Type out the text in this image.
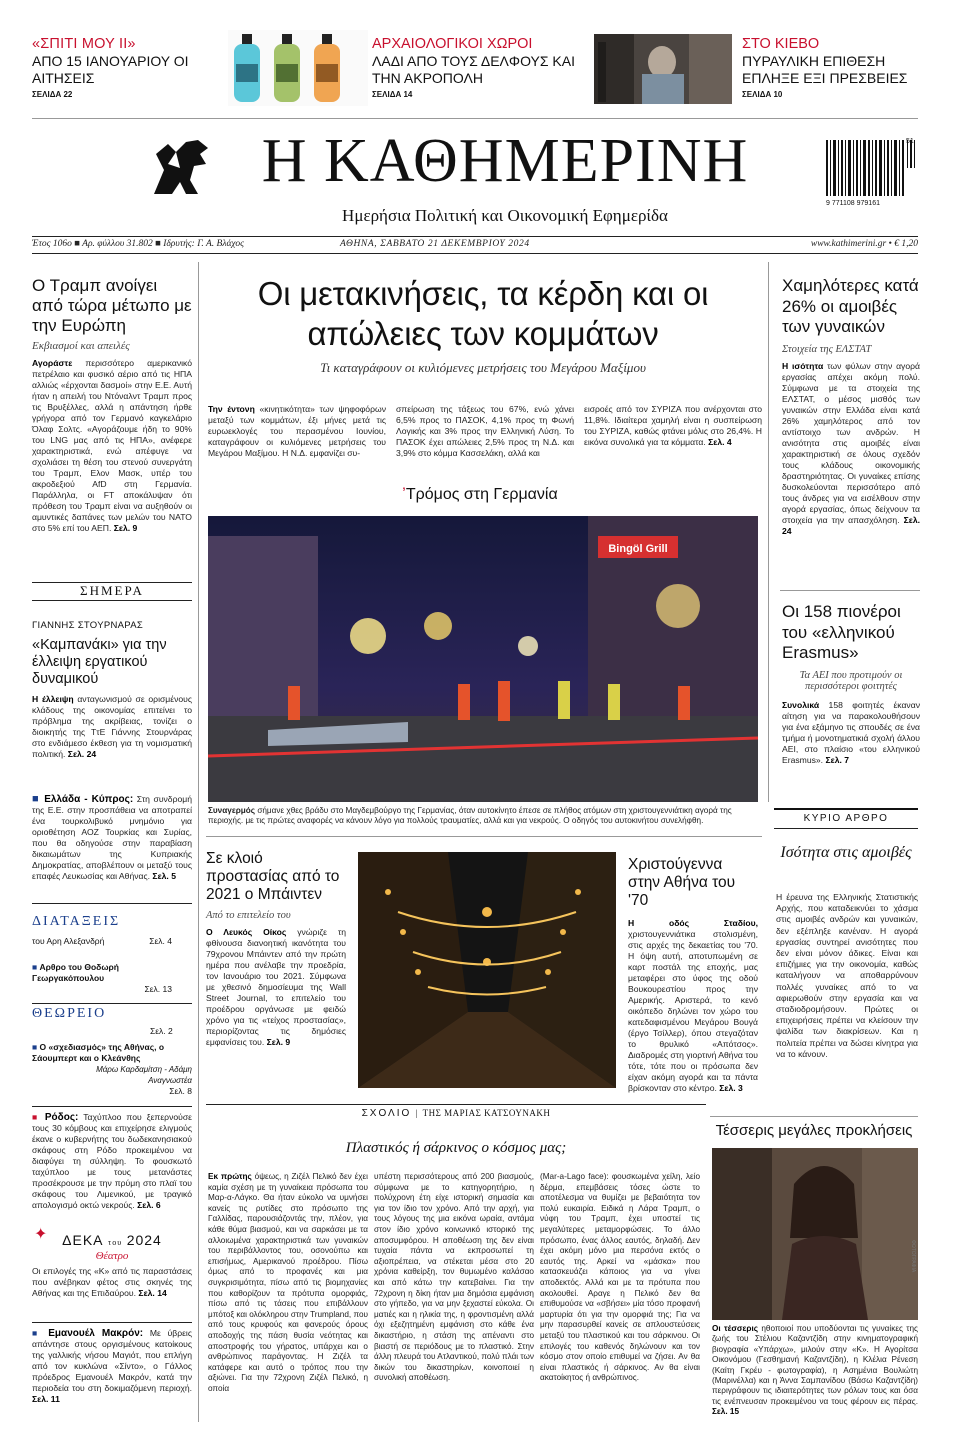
«ΣΠΙΤΙ ΜΟΥ ΙΙ»
ΑΠΟ 15 ΙΑΝΟΥΑΡΙΟΥ ΟΙ ΑΙΤΗΣΕΙΣ
ΣΕΛΙΔΑ 22
ΑΡΧΑΙΟΛΟΓΙΚΟΙ ΧΩΡΟΙ
ΛΑΔΙ ΑΠΟ ΤΟΥΣ ΔΕΛΦΟΥΣ ΚΑΙ ΤΗΝ ΑΚΡΟΠΟΛΗ
ΣΕΛΙΔΑ 14
ΣΤΟ ΚΙΕΒΟ
ΠΥΡΑΥΛΙΚΗ ΕΠΙΘΕΣΗ ΕΠΛΗΞΕ ΕΞΙ ΠΡΕΣΒΕΙΕΣ
ΣΕΛΙΔΑ 10
Η ΚΑΘΗΜΕΡΙΝΗ
Ημερήσια Πολιτική και Οικονομική Εφημερίδα
9 771108 979161
51
Έτος 106ο ■ Αρ. φύλλου 31.802 ■ Ιδρυτής: Γ. Α. Βλάχος	ΑΘΗΝΑ, ΣΑΒΒΑΤΟ 21 ΔΕΚΕΜΒΡΙΟΥ 2024	www.kathimerini.gr • € 1,20
Ο Τραμπ ανοίγει από τώρα μέτωπο με την Ευρώπη
Εκβιασμοί και απειλές
Αγοράστε περισσότερο αμερικανικό πετρέλαιο και φυσικό αέριο από τις ΗΠΑ αλλιώς «έρχονται δασμοί» στην Ε.Ε. Αυτή ήταν η απειλή του Ντόναλντ Τραμπ προς τις Βρυξέλλες, αλλά η απάντηση ήρθε γρήγορα από τον Γερμανό καγκελάριο Όλαφ Σολτς. «Αγοράζουμε ήδη το 90% του LNG μας από τις ΗΠΑ», ανέφερε χαρακτηριστικά, ενώ απέφυγε να σχολιάσει τη θέση του στενού συνεργάτη του Τραμπ, Ελον Μασκ, υπέρ του ακροδεξιού AfD στη Γερμανία. Παράλληλα, οι FT αποκάλυψαν ότι πρόθεση του Τραμπ είναι να αυξηθούν οι αμυντικές δαπάνες των μελών του ΝΑΤΟ στο 5% επί του ΑΕΠ. Σελ. 9
ΣΗΜΕΡΑ
ΓΙΑΝΝΗΣ ΣΤΟΥΡΝΑΡΑΣ
«Καμπανάκι» για την έλλειψη εργατικού δυναμικού
Η έλλειψη ανταγωνισμού σε ορισμένους κλάδους της οικονομίας επιτείνει το πρόβλημα της ακρίβειας, τονίζει ο διοικητής της ΤτΕ Γιάννης Στουρνάρας στο ενδιάμεσο έκθεση για τη νομισματική πολιτική. Σελ. 24
■ Ελλάδα - Κύπρος: Στη συνδρομή της Ε.Ε. στην προσπάθεια να αποτραπεί ένα τουρκολιβυκό μνημόνιο για οριοθέτηση ΑΟΖ Τουρκίας και Συρίας, που θα οδηγούσε στην παραβίαση δικαιωμάτων της Κυπριακής Δημοκρατίας, αποβλέπουν οι μεταξύ τους επαφές Λευκωσίας και Αθήνας. Σελ. 5
ΔΙΑΤΑΞΕΙΣ
του Αρη Αλεξανδρή	Σελ. 4
■ Αρθρο του Θοδωρή Γεωργακόπουλου
Σελ. 13
ΘΕΩΡΕΙΟ
Σελ. 2
■ Ο «σχεδιασμός» της Αθήνας, ο Σάουμπερτ και ο Κλεάνθης
Μάρω Καρδαμίτση - Αδάμη
Αναγνωστέα
Σελ. 8
■ Ρόδος: Ταχύπλοο που ξεπερνούσε τους 30 κόμβους και επιχείρησε ελιγμούς έκανε ο κυβερνήτης του δωδεκανησιακού σκάφους στη Ρόδο προκειμένου να διαφύγει τη σύλληψη. Το φουσκωτό ταχύπλοο με τους μετανάστες προσέκρουσε με την πρύμη στο πλαϊ του σκάφους του Λιμενικού, με τραγικό απολογισμό οκτώ νεκρούς. Σελ. 6
✦	ΔΕΚΑ του 2024
Θέατρο
Οι επιλογές της «Κ» από τις παραστάσεις που ανέβηκαν φέτος στις σκηνές της Αθήνας και της Επιδαύρου. Σελ. 14
■ Εμανουέλ Μακρόν: Με ύβρεις απάντησε στους οργισμένους κατοίκους της γαλλικής νήσου Μαγιότ, που επλήγη από τον κυκλώνα «Σίντο», ο Γάλλος πρόεδρος Εμανουέλ Μακρόν, κατά την περιοδεία του στη δοκιμαζόμενη περιοχή. Σελ. 11
Οι μετακινήσεις, τα κέρδη και οι απώλειες των κομμάτων
Τι καταγράφουν οι κυλιόμενες μετρήσεις του Μεγάρου Μαξίμου
Την έντονη «κινητικότητα» των ψηφοφόρων μεταξύ των κομμάτων, έξι μήνες μετά τις ευρωεκλογές του περασμένου Ιουνίου, καταγράφουν οι κυλιόμενες μετρήσεις του Μεγάρου Μαξίμου. Η Ν.Δ. εμφανίζει συ-
σπείρωση της τάξεως του 67%, ενώ χάνει 6,5% προς το ΠΑΣΟΚ, 4,1% προς τη Φωνή Λογικής και 3% προς την Ελληνική Λύση. Το ΠΑΣΟΚ έχει απώλειες 2,5% προς τη Ν.Δ. και 3,9% στο κόμμα Κασσελάκη, αλλά και
εισροές από τον ΣΥΡΙΖΑ που ανέρχονται στο 11,8%. Ιδιαίτερα χαμηλή είναι η συσπείρωση του ΣΥΡΙΖΑ, καθώς φτάνει μόλις στο 26,4%. Η εικόνα συνολικά για τα κόμματα. Σελ. 4
ʼΤρόμος στη Γερμανία
Bingöl Grill
Συναγερμός σήμανε χθες βράδυ στο Μαγδεμβούργο της Γερμανίας, όταν αυτοκίνητο έπεσε σε πλήθος ατόμων στη χριστουγεννιάτικη αγορά της περιοχής. με τις πρώτες αναφορές να κάνουν λόγο για πολλούς τραυματίες, αλλά και για νεκρούς. Ο οδηγός του αυτοκινήτου συνελήφθη.
Σε κλοιό προστασίας από το 2021 ο Μπάιντεν
Από το επιτελείο του
Ο Λευκός Οίκος γνώριζε τη φθίνουσα διανοητική ικανότητα του 79χρονου Μπάιντεν από την πρώτη ημέρα που ανέλαβε την προεδρία, τον Ιανουάριο του 2021. Σύμφωνα με χθεσινό δημοσίευμα της Wall Street Journal, το επιτελείο του προέδρου οργάνωσε με φειδώ χρόνο για τις «τείχος προστασίας», περιορίζοντας τις δημόσιες εμφανίσεις του. Σελ. 9
Χριστούγεννα στην Αθήνα του '70
Η οδός Σταδίου, χριστουγεννιάτικα στολισμένη, στις αρχές της δεκαετίας του '70. Η όψη αυτή, αποτυπωμένη σε καρτ ποστάλ της εποχής, μας μεταφέρει στο ύφος της οδού Βουκουρεστίου προς την Αμερικής. Αριστερά, το κενό οικόπεδο δηλώνει τον χώρο του κατεδαφισμένου Μεγάρου Βουγά (έργο Τσίλλερ), όπου στεγαζόταν το θρυλικό «Απότσος». Διαδρομές στη γιορτινή Αθήνα του τότε, τότε που οι πρόσωπα δεν είχαν ακόμη αγορά και τα πάντα βρίσκονταν στο κέντρο. Σελ. 3
ΣΧΟΛΙΟ | ΤΗΣ ΜΑΡΙΑΣ ΚΑΤΣΟΥΝΑΚΗ
Πλαστικός ή σάρκινος ο κόσμος μας;
Εκ πρώτης όψεως, η Ζιζέλ Πελικό δεν έχει καμία σχέση με τη γυναίκεια πρόσωπα του Μαρ-α-Λάγκο. Θα ήταν εύκολο να υμνήσει κανείς τις ρυτίδες στο πρόσωπο της Γαλλίδας, παρουσιάζοντάς την, πλέον, για κάθε θύμα βιασμού, και να σαρκάσει με τα αλλοιωμένα χαρακτηριστικά των γυναικών του περιβάλλοντος του, οσονούπω και επισήμως, Αμερικανού προέδρου. Πίσω όμως από το προφανές και μια συγκρισιμότητα, πίσω από τις βιομηχανίες που καθορίζουν τα πρότυπα ομορφιάς, πίσω από τις τάσεις που επιβάλλουν μπότοξ και ολόκληρου στην Trumpland, που από τους κρυφούς και φανερούς όρους αποδοχής της πάση θυσία νεότητας και αποστροφής του γήρατος, υπάρχει και ο ανθρώπινος παράγοντας. Η Ζιζέλ τα κατάφερε και αυτό ο τρόπος που την αξιώνει. Για την 72χρονη Ζιζέλ Πελικό, η οποία
υπέστη περισσότερους από 200 βιασμούς, σύμφωνα με το κατηγορητήριο, η πολύχρονη έτη είχε ιστορική σημασία και για τον ίδιο τον χρόνο. Από την αρχή, για τους λόγους της μια εικόνα ωραία, αντάμα στον ίδιο χρόνο κοινωνικό ιστορικό της αποσυμφόρου. Η αποθέωση της δεν είναι τυχαία πάντα να εκπροσωπεί τη αξιοπρέπεια, να στέκεται μέσα στο 20 χρόνια καθείρξη, τον θυμωμένο καλάσαο και από κάτω την κατεβαίνει. Για την 72χρονη η δίκη ήταν μια δημόσια εμφάνιση στο γήπεδο, για να μην ξεχαστεί εύκολα. Οι ματιές και η ηλικία της, η φροντισμένη αλλά όχι εξεζητημένη εμφάνιση στο κάθε ένα δικαστήριο, η στάση της απέναντι στο βιαστή σε περιόδους με το πλαστικό. Στην άλλη πλευρά του Ατλαντικού, πολύ πλάι των δικών του δικαστηρίων, κοινοποιεί η συνολική αποθέωση.
(Mar-a-Lago face): φουσκωμένα χείλη, λείο δέρμα, επεμβάσεις τόσες ώστε το αποτέλεσμα να θυμίζει με βεβαιότητα τον πολύ ευκαιρία. Ειδικά η Λάρα Τραμπ, ο νύφη του Τραμπ, έχει υποστεί τις μεγαλύτερες μεταμορφώσεις. Το άλλο πρόσωπο, ένας άλλος εαυτός, δηλαδή. Δεν έχει ακόμη μόνο μια περσόνα εκτός ο εαυτός της. Αρκεί να «μάσκα» που κατασκευάζει κάποιος για να γίνει αποδεκτός. Αλλά και με τα πρότυπα που ακολουθεί. Αραγε η Πελικό δεν θα επιθυμούσε να «σβήσει» μία τόσο προφανή μαρτυρία ότι για την ομορφιά της; Για να μην παρασυρθεί κανείς σε απλουστεύσεις μεταξύ του πλαστικού και του σάρκινου. Οι επιλογές του καθενός δηλώνουν και τον κόσμο στον οποίο επιθυμεί να ζήσει. Αν θα είναι πλαστικός ή σάρκινος. Αν θα είναι ακατοίκητος ή ανθρώπινος.
Χαμηλότερες κατά 26% οι αμοιβές των γυναικών
Στοιχεία της ΕΛΣΤΑΤ
Η ισότητα των φύλων στην αγορά εργασίας απέχει ακόμη πολύ. Σύμφωνα με τα στοιχεία της ΕΛΣΤΑΤ, ο μέσος μισθός των γυναικών στην Ελλάδα είναι κατά 26% χαμηλότερος από τον αντίστοιχο των ανδρών. Η ανισότητα στις αμοιβές είναι χαρακτηριστική σε όλους σχεδόν τους κλάδους οικονομικής δραστηριότητας. Οι γυναίκες επίσης δυσκολεύονται περισσότερο από τους άνδρες για να εισέλθουν στην αγορά εργασίας, όπως δείχνουν τα στοιχεία για την απασχόληση. Σελ. 24
Οι 158 πιονέροι του «ελληνικού Erasmus»
Τα ΑΕΙ που προτιμούν οι περισσότεροι φοιτητές
Συνολικά 158 φοιτητές έκαναν αίτηση για να παρακολουθήσουν για ένα εξάμηνο τις σπουδές σε ένα τμήμα ή μονοτηματικιά σχολή άλλου ΑΕΙ, στο πλαίσιο «του ελληνικού Erasmus». Σελ. 7
ΚΥΡΙΟ ΑΡΘΡΟ
Ισότητα στις αμοιβές
Η έρευνα της Ελληνικής Στατιστικής Αρχής, που καταδεικνύει το χάσμα στις αμοιβές ανδρών και γυναικών, δεν εξέπληξε κανέναν. Η αγορά εργασίας συντηρεί ανισότητες που δεν είναι μόνον άδικες. Είναι και επιζήμιες για την οικονομία, καθώς καταλήγουν να αποθαρρύνουν πολλές γυναίκες από το να αφιερωθούν στην εργασία και να σταδιοδρομήσουν. Πρώτες οι επιχειρήσεις πρέπει να κλείσουν την ψαλίδα των διακρίσεων. Και η πολιτεία πρέπει να δώσει κίνητρα για να το κάνουν.
Τέσσερις μεγάλες προκλήσεις
ΦΩΤΟΓΡΑΦΙΑ
Οι τέσσερις ηθοποιοί που υποδύονται τις γυναίκες της ζωής του Στέλιου Καζαντζίδη στην κινηματογραφική βιογραφία «Υπάρχω», μιλούν στην «Κ». Η Αγορίτσα Οικονόμου (Γεσθημανή Καζαντζίδη), η Κλέλια Ρένεση (Καίτη Γκρέυ - φωτογραφία), η Ασημένια Βουλιώτη (Μαρινέλλα) και η Άννα Σαμπανίδου (Βάσω Καζαντζίδη) περιγράφουν τις ιδιαιτερότητες των ρόλων τους και όσα τις ενέπνευσαν προκειμένου να τους φέρουν εις πέρας. Σελ. 15
